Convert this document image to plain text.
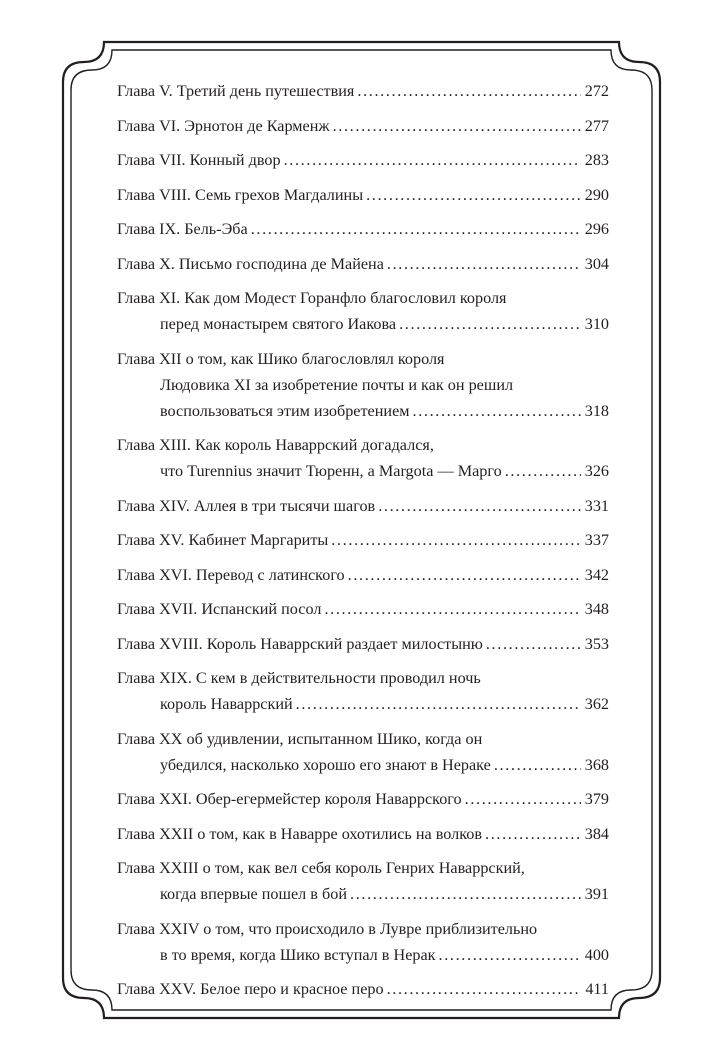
Глава V. Третий день путешествия . . .	272
Глава VI. Эрнотон де Карменж . . .	277
Глава VII. Конный двор . . .	283
Глава VIII. Семь грехов Магдалины . . .	290
Глава IX. Бель-Эба . . .	296
Глава X. Письмо господина де Майена . . .	304
Глава XI. Как дом Модест Горанфло благословил короля
перед монастырем святого Иакова . . .	310
Глава XII о том, как Шико благословлял короля
Людовика XI за изобретение почты и как он решил
воспользоваться этим изобретением . . .	318
Глава XIII. Как король Наваррский догадался,
что Turennius значит Тюренн, а Margota — Марго . . .	326
Глава XIV. Аллея в три тысячи шагов . . .	331
Глава XV. Кабинет Маргариты . . .	337
Глава XVI. Перевод с латинского . . .	342
Глава XVII. Испанский посол . . .	348
Глава XVIII. Король Наваррский раздает милостыню . . .	353
Глава XIX. С кем в действительности проводил ночь
король Наваррский . . .	362
Глава XX об удивлении, испытанном Шико, когда он
убедился, насколько хорошо его знают в Нераке . . .	368
Глава XXI. Обер-егермейстер короля Наваррского . . .	379
Глава XXII о том, как в Наварре охотились на волков . . .	384
Глава XXIII о том, как вел себя король Генрих Наваррский,
когда впервые пошел в бой . . .	391
Глава XXIV о том, что происходило в Лувре приблизительно
в то время, когда Шико вступал в Нерак . . .	400
Глава XXV. Белое перо и красное перо . . .	411
